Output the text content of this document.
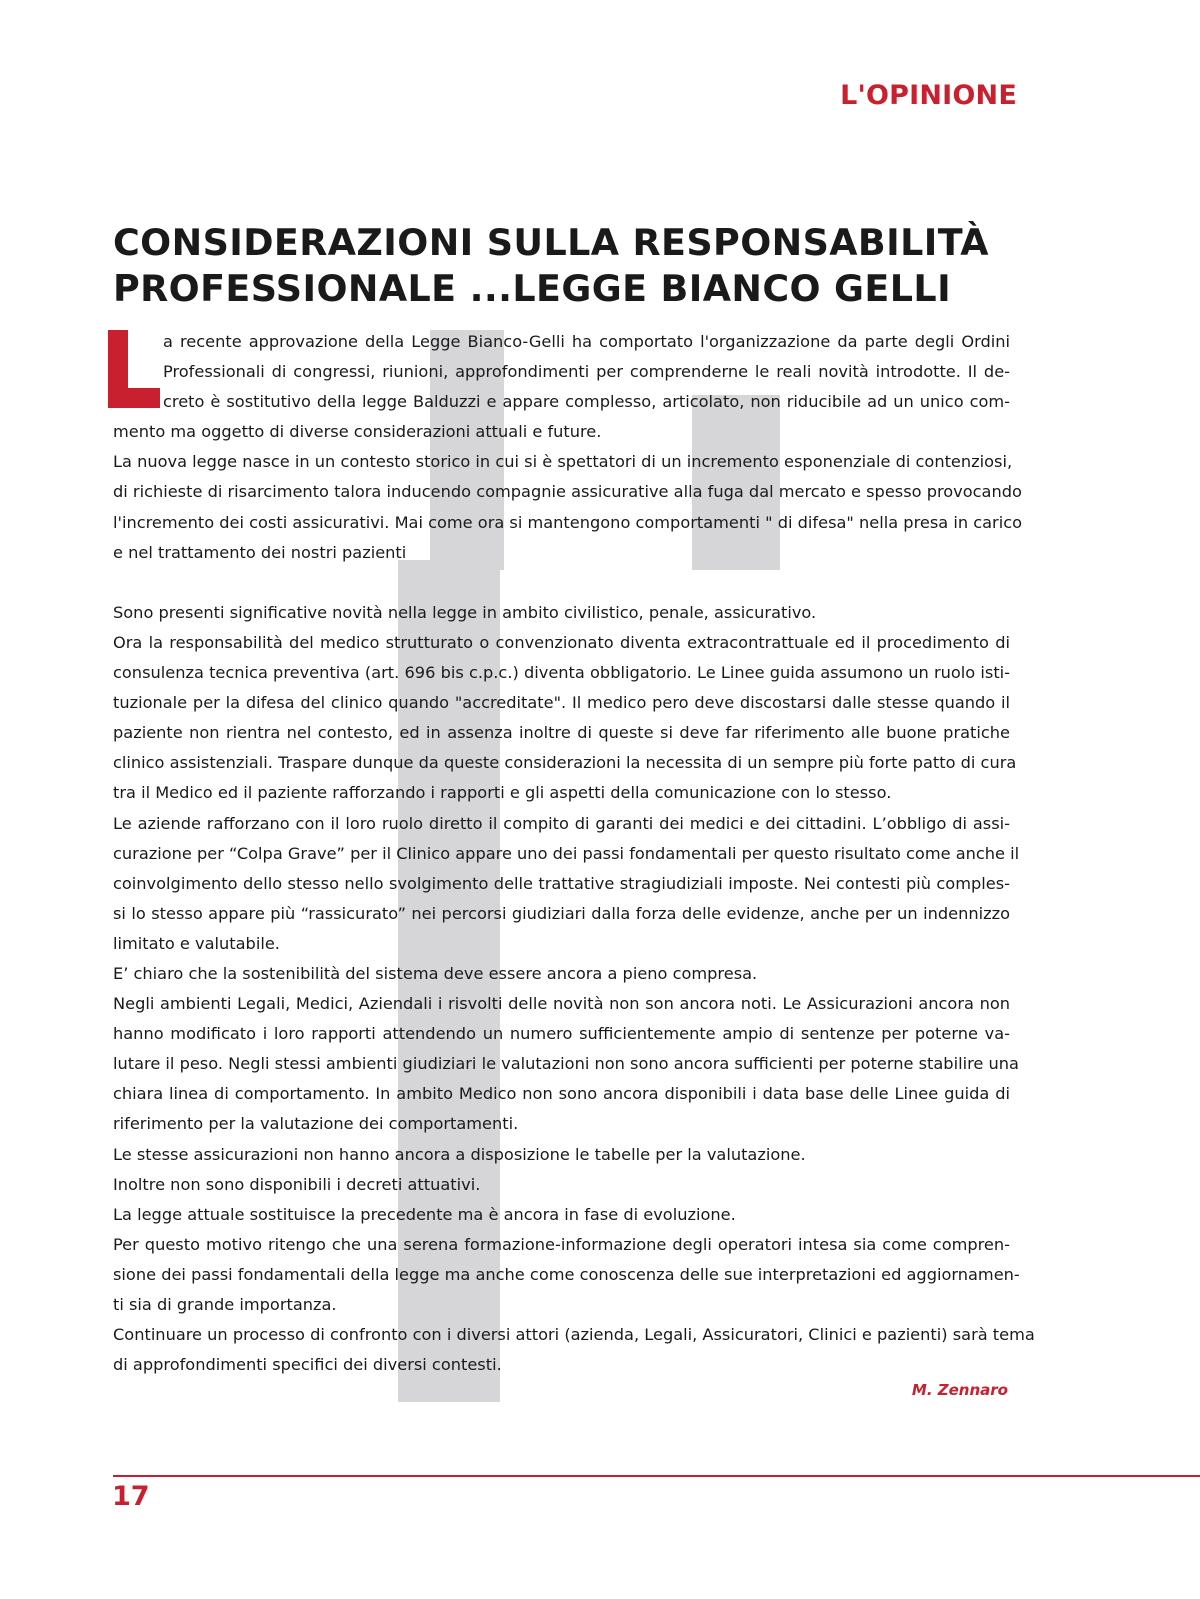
L'OPINIONE
CONSIDERAZIONI SULLA RESPONSABILITÀ
PROFESSIONALE ...LEGGE BIANCO GELLI
a recente approvazione della Legge Bianco-Gelli ha comportato l'organizzazione da parte degli Ordini
Professionali di congressi, riunioni, approfondimenti per comprenderne le reali novità introdotte. Il de-
creto è sostitutivo della legge Balduzzi e appare complesso, articolato, non riducibile ad un unico com-
mento ma oggetto di diverse considerazioni attuali e future.
La nuova legge nasce in un contesto storico in cui si è spettatori di un incremento esponenziale di contenziosi,
di richieste di risarcimento talora inducendo compagnie assicurative alla fuga dal mercato e spesso provocando
l'incremento dei costi assicurativi. Mai come ora si mantengono comportamenti " di difesa" nella presa in carico
e nel trattamento dei nostri pazienti
Sono presenti significative novità nella legge in ambito civilistico, penale, assicurativo.
Ora la responsabilità del medico strutturato o convenzionato diventa extracontrattuale ed il procedimento di
consulenza tecnica preventiva (art. 696 bis c.p.c.) diventa obbligatorio. Le Linee guida assumono un ruolo isti-
tuzionale per la difesa del clinico quando "accreditate". Il medico pero deve discostarsi dalle stesse quando il
paziente non rientra nel contesto, ed in assenza inoltre di queste si deve far riferimento alle buone pratiche
clinico assistenziali. Traspare dunque da queste considerazioni la necessita di un sempre più forte patto di cura
tra il Medico ed il paziente rafforzando i rapporti e gli aspetti della comunicazione con lo stesso.
Le aziende rafforzano con il loro ruolo diretto il compito di garanti dei medici e dei cittadini. L’obbligo di assi-
curazione per “Colpa Grave” per il Clinico appare uno dei passi fondamentali per questo risultato come anche il
coinvolgimento dello stesso nello svolgimento delle trattative stragiudiziali imposte. Nei contesti più comples-
si lo stesso appare più “rassicurato” nei percorsi giudiziari dalla forza delle evidenze, anche per un indennizzo
limitato e valutabile.
E’ chiaro che la sostenibilità del sistema deve essere ancora a pieno compresa.
Negli ambienti Legali, Medici, Aziendali i risvolti delle novità non son ancora noti. Le Assicurazioni ancora non
hanno modificato i loro rapporti attendendo un numero sufficientemente ampio di sentenze per poterne va-
lutare il peso. Negli stessi ambienti giudiziari le valutazioni non sono ancora sufficienti per poterne stabilire una
chiara linea di comportamento. In ambito Medico non sono ancora disponibili i data base delle Linee guida di
riferimento per la valutazione dei comportamenti.
Le stesse assicurazioni non hanno ancora a disposizione le tabelle per la valutazione.
Inoltre non sono disponibili i decreti attuativi.
La legge attuale sostituisce la precedente ma è ancora in fase di evoluzione.
Per questo motivo ritengo che una serena formazione-informazione degli operatori intesa sia come compren-
sione dei passi fondamentali della legge ma anche come conoscenza delle sue interpretazioni ed aggiornamen-
ti sia di grande importanza.
Continuare un processo di confronto con i diversi attori (azienda, Legali, Assicuratori, Clinici e pazienti) sarà tema
di approfondimenti specifici dei diversi contesti.
M. Zennaro
17
